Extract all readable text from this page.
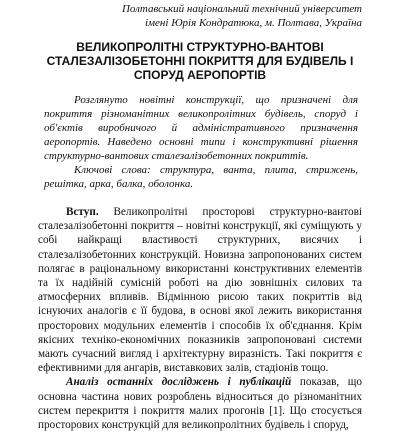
Полтавський національний технічний університет
імені Юрія Кондратюка, м. Полтава, Україна
ВЕЛИКОПРОЛІТНІ СТРУКТУРНО-ВАНТОВІ
СТАЛЕЗАЛІЗОБЕТОННІ ПОКРИТТЯ ДЛЯ БУДІВЕЛЬ І
СПОРУД АЕРОПОРТІВ

Розглянуто новітні конструкції, що призначені для покриття різноманітних великопролітних будівель, споруд і об'єктів виробничого й адміністративного призначення аеропортів. Наведено основні типи і конструктивні рішення структурно-вантових сталезалізобетонних покриттів.

Ключові слова: структура, ванта, плита, стрижень, решітка, арка, балка, оболонка.

Вступ. Великопролітні просторові структурно-вантові сталезалізобетонні покриття – новітні конструкції, які суміщують у собі найкращі властивості структурних, висячих і сталезалізобетонних конструкцій. Новизна запропонованих систем полягає в раціональному використанні конструктивних елементів та їх надійній сумісній роботі на дію зовнішніх силових та атмосферних впливів. Відмінною рисою таких покриттів від існуючих аналогів є її будова, в основі якої лежить використання просторових модульних елементів і способів їх об'єднання. Крім якісних техніко-економічних показників запропоновані системи мають сучасний вигляд і архітектурну виразність. Такі покриття є ефективними для ангарів, виставкових залів, стадіонів тощо.

Аналіз останніх досліджень і публікацій показав, що основна частина нових розроблень відноситься до різноманітних систем перекриття і покриття малих прогонів [1]. Що стосується просторових конструкцій для великопролітних будівель і споруд,
